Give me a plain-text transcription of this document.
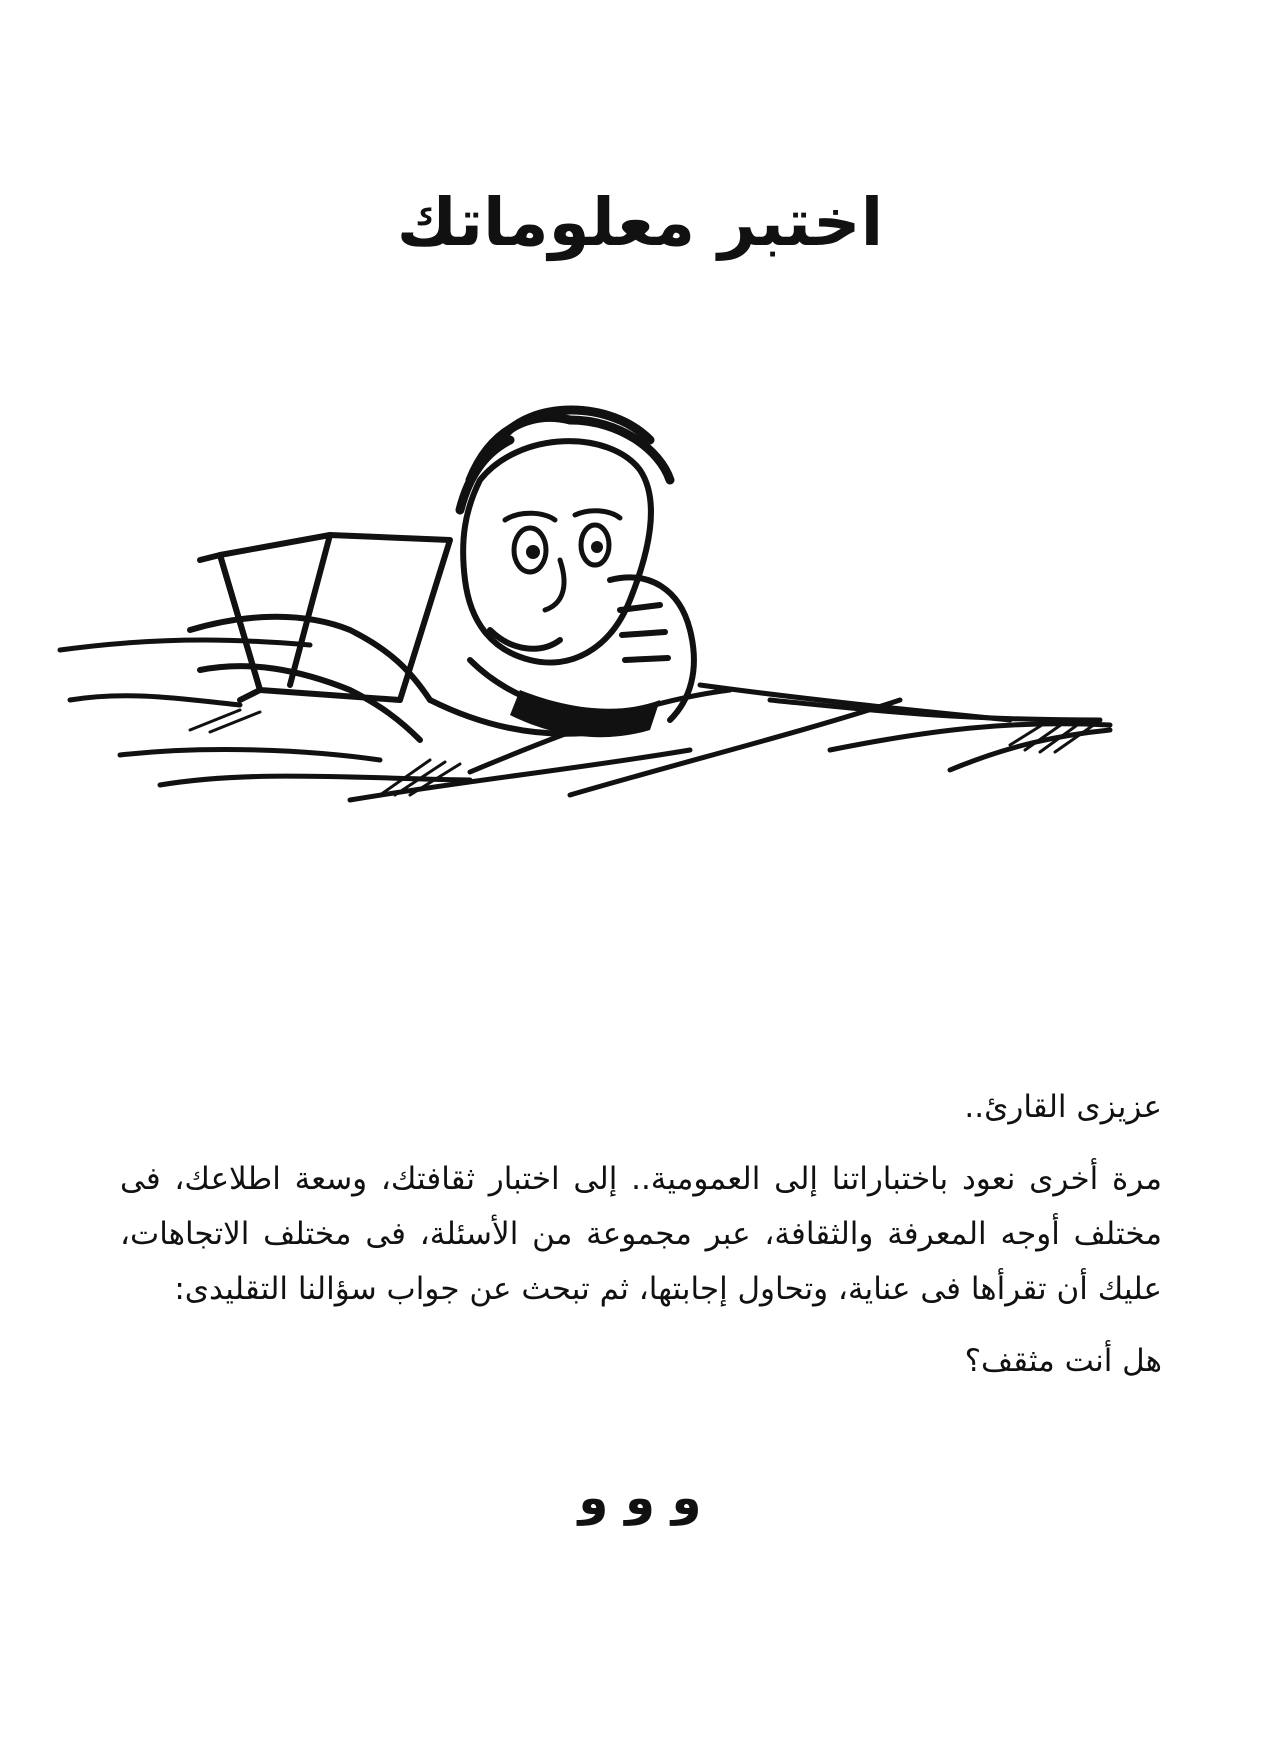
اختبر معلوماتك

عزيزى القارئ..

مرة أخرى نعود باختباراتنا إلى العمومية.. إلى اختبار ثقافتك، وسعة اطلاعك، فى مختلف أوجه المعرفة والثقافة، عبر مجموعة من الأسئلة، فى مختلف الاتجاهات، عليك أن تقرأها فى عناية، وتحاول إجابتها، ثم تبحث عن جواب سؤالنا التقليدى:

هل أنت مثقف؟

و و و
